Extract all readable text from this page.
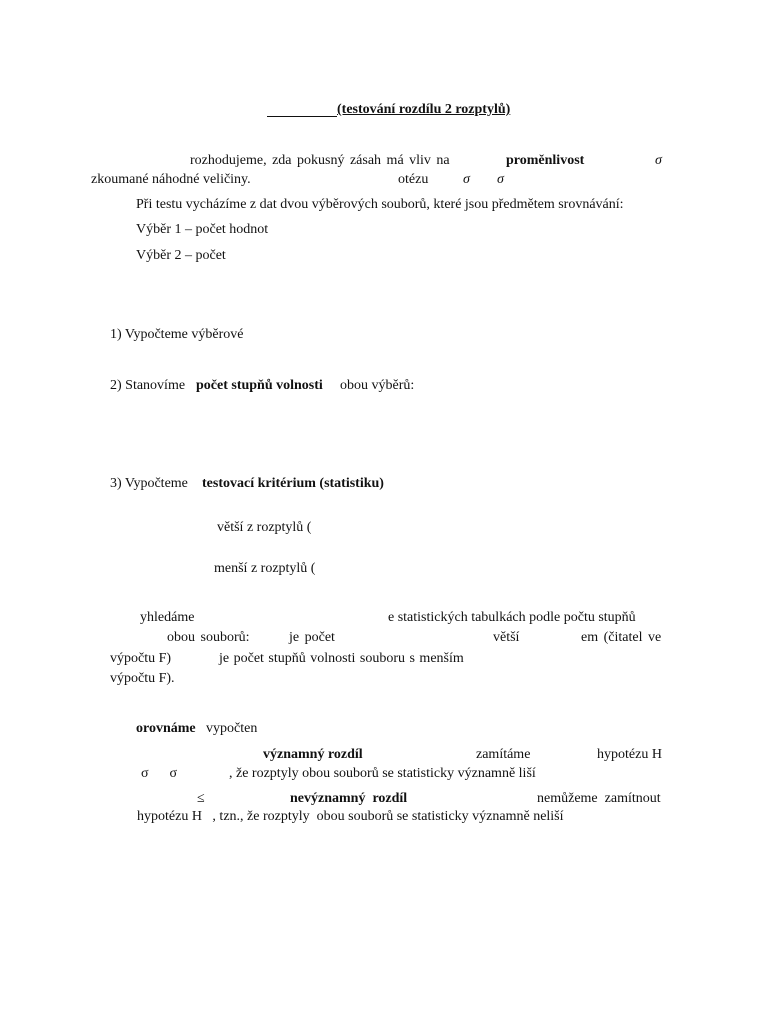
(testování rozdílu 2 rozptylů)
rozhodujeme, zda pokusný zásah má vliv na	proměnlivost	σ
zkoumané náhodné veličiny.	otézu σ σ
Při testu vycházíme z dat dvou výběrových souborů, které jsou předmětem srovnávání:
Výběr 1 – počet hodnot
Výběr 2 – počet
1) Vypočteme výběrové
2) Stanovíme počet stupňů volnosti obou výběrů:
3) Vypočteme testovací kritérium (statistiku)
větší z rozptylů (
menší z rozptylů (
yhledáme	e statistických tabulkách podle počtu stupňů
obou souborů:	je počet	větší	em (čitatel ve
výpočtu F)	je počet stupňů volnosti souboru s menším
výpočtu F).
orovnáme vypočten
významný rozdíl	zamítáme	hypotézu H
σ      σ	, že rozptyly obou souborů se statisticky významně liší
≤	nevýznamný  rozdíl	nemůžeme  zamítnout
hypotézu H   , tzn., že rozptyly  obou souborů se statisticky významně neliší
